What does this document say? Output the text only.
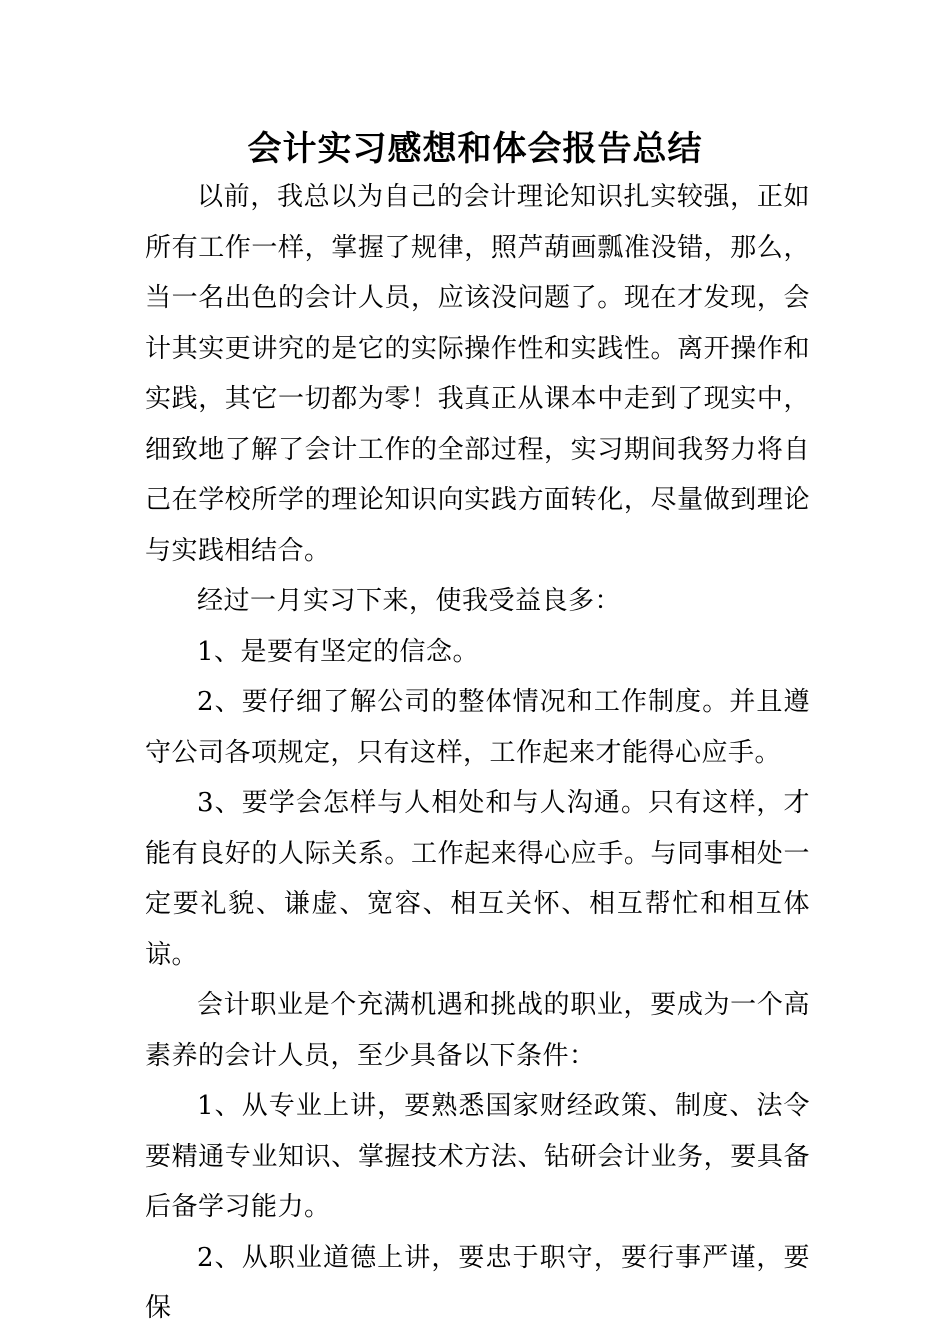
会计实习感想和体会报告总结

以前，我总以为自己的会计理论知识扎实较强，正如所有工作一样，掌握了规律，照芦葫画瓢准没错，那么，当一名出色的会计人员，应该没问题了。现在才发现，会计其实更讲究的是它的实际操作性和实践性。离开操作和实践，其它一切都为零！我真正从课本中走到了现实中，细致地了解了会计工作的全部过程，实习期间我努力将自己在学校所学的理论知识向实践方面转化，尽量做到理论与实践相结合。

经过一月实习下来，使我受益良多：

1、是要有坚定的信念。

2、要仔细了解公司的整体情况和工作制度。并且遵守公司各项规定，只有这样，工作起来才能得心应手。

3、要学会怎样与人相处和与人沟通。只有这样，才能有良好的人际关系。工作起来得心应手。与同事相处一定要礼貌、谦虚、宽容、相互关怀、相互帮忙和相互体谅。

会计职业是个充满机遇和挑战的职业，要成为一个高素养的会计人员，至少具备以下条件：

1、从专业上讲，要熟悉国家财经政策、制度、法令要精通专业知识、掌握技术方法、钻研会计业务，要具备后备学习能力。

2、从职业道德上讲，要忠于职守，要行事严谨，要保
